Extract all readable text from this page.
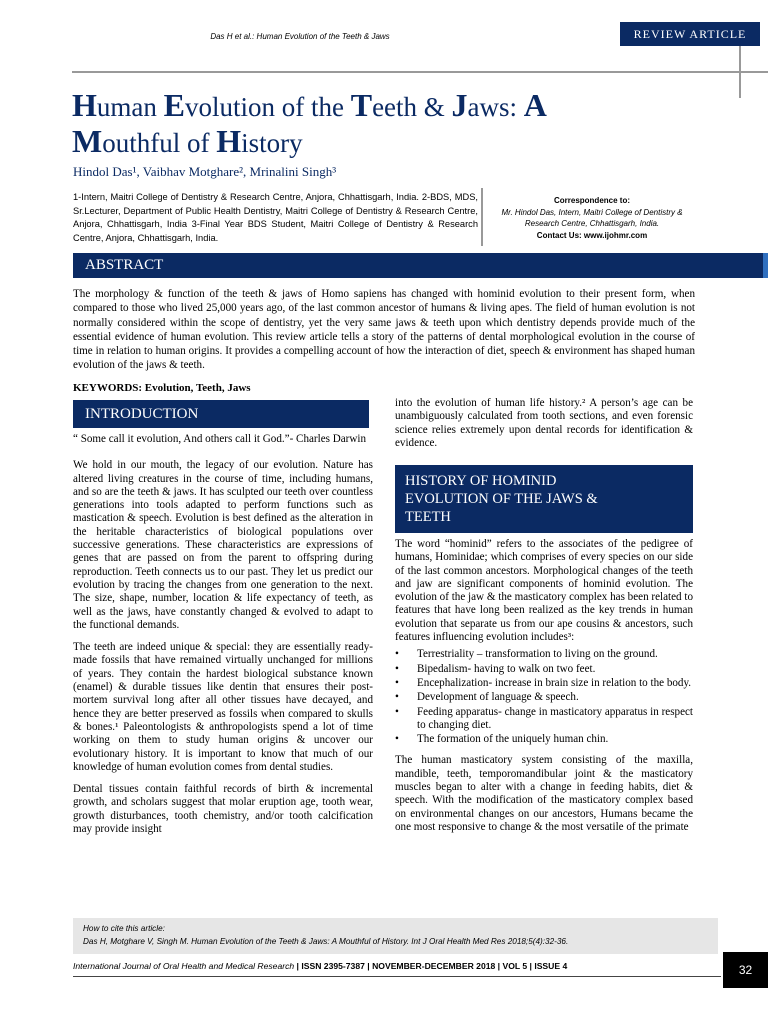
Das H et al.: Human Evolution of the Teeth & Jaws	REVIEW ARTICLE
Human Evolution of the Teeth & Jaws: A
Mouthful of History
Hindol Das¹, Vaibhav Motghare², Mrinalini Singh³
1-Intern, Maitri College of Dentistry & Research Centre, Anjora, Chhattisgarh, India. 2-BDS, MDS, Sr.Lecturer, Department of Public Health Dentistry, Maitri College of Dentistry & Research Centre, Anjora, Chhattisgarh, India 3-Final Year BDS Student, Maitri College of Dentistry & Research Centre, Anjora, Chhattisgarh, India.
Correspondence to:
Mr. Hindol Das, Intern, Maitri College of Dentistry & Research Centre, Chhattisgarh, India.
Contact Us: www.ijohmr.com
ABSTRACT
The morphology & function of the teeth & jaws of Homo sapiens has changed with hominid evolution to their present form, when compared to those who lived 25,000 years ago, of the last common ancestor of humans & living apes. The field of human evolution is not normally considered within the scope of dentistry, yet the very same jaws & teeth upon which dentistry depends provide much of the essential evidence of human evolution. This review article tells a story of the patterns of dental morphological evolution in the course of time in relation to human origins. It provides a compelling account of how the interaction of diet, speech & environment has shaped human evolution of the jaws & teeth.
KEYWORDS: Evolution, Teeth, Jaws
INTRODUCTION

“ Some call it evolution, And others call it God.”- Charles Darwin

We hold in our mouth, the legacy of our evolution. Nature has altered living creatures in the course of time, including humans, and so are the teeth & jaws. It has sculpted our teeth over countless generations into tools adapted to perform functions such as mastication & speech. Evolution is best defined as the alteration in the heritable characteristics of biological populations over successive generations. These characteristics are expressions of genes that are passed on from the parent to offspring during reproduction. Teeth connects us to our past. They let us predict our evolution by tracing the changes from one generation to the next. The size, shape, number, location & life expectancy of teeth, as well as the jaws, have constantly changed & evolved to adapt to the functional demands.

The teeth are indeed unique & special: they are essentially ready-made fossils that have remained virtually unchanged for millions of years. They contain the hardest biological substance known (enamel) & durable tissues like dentin that ensures their post-mortem survival long after all other tissues have decayed, and hence they are better preserved as fossils when compared to skulls & bones.¹ Paleontologists & anthropologists spend a lot of time working on them to study human origins & uncover our evolutionary history. It is important to know that much of our knowledge of human evolution comes from dental studies.

Dental tissues contain faithful records of birth & incremental growth, and scholars suggest that molar eruption age, tooth wear, growth disturbances, tooth chemistry, and/or tooth calcification may provide insight

into the evolution of human life history.² A person’s age can be unambiguously calculated from tooth sections, and even forensic science relies extremely upon dental records for identification & evidence.

HISTORY OF HOMINID
EVOLUTION OF THE JAWS &
TEETH

The word “hominid” refers to the associates of the pedigree of humans, Hominidae; which comprises of every species on our side of the last common ancestors. Morphological changes of the teeth and jaw are significant components of hominid evolution. The evolution of the jaw & the masticatory complex has been related to features that have long been realized as the key trends in human evolution that separate us from our ape cousins & ancestors, such features influencing evolution includes³:

• Terrestriality – transformation to living on the ground.
• Bipedalism- having to walk on two feet.
• Encephalization- increase in brain size in relation to the body.
• Development of language & speech.
• Feeding apparatus- change in masticatory apparatus in respect to changing diet.
• The formation of the uniquely human chin.

The human masticatory system consisting of the maxilla, mandible, teeth, temporomandibular joint & the masticatory muscles began to alter with a change in feeding habits, diet & speech. With the modification of the masticatory complex based on environmental changes on our ancestors, Humans became the one most responsive to change & the most versatile of the primate

How to cite this article:
Das H, Motghare V, Singh M. Human Evolution of the Teeth & Jaws: A Mouthful of History. Int J Oral Health Med Res 2018;5(4):32-36.
International Journal of Oral Health and Medical Research | ISSN 2395-7387 | NOVEMBER-DECEMBER 2018 | VOL 5 | ISSUE 4	32
